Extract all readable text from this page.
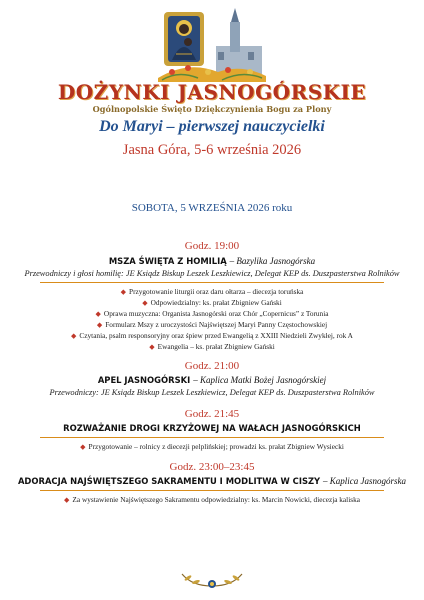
DOŻYNKI JASNOGÓRSKIE
Ogólnopolskie Święto Dziękczynienia Bogu za Plony
Do Maryi – pierwszej nauczycielki
Jasna Góra, 5-6 września 2026
SOBOTA, 5 WRZEŚNIA 2026 roku
Godz. 19:00
MSZA ŚWIĘTA Z HOMILIĄ – Bazylika Jasnogórska
Przewodniczy i głosi homilię: JE Ksiądz Biskup Leszek Leszkiewicz, Delegat KEP ds. Duszpasterstwa Rolników
◆ Przygotowanie liturgii oraz daru ołtarza – diecezja toruńska
◆ Odpowiedzialny: ks. prałat Zbigniew Gański
◆ Oprawa muzyczna: Organista Jasnogórski oraz Chór „Copernicus” z Torunia
◆ Formularz Mszy z uroczystości Najświętszej Maryi Panny Częstochowskiej
◆ Czytania, psalm responsoryjny oraz śpiew przed Ewangelią z XXIII Niedzieli Zwykłej, rok A
◆ Ewangelia – ks. prałat Zbigniew Gański
Godz. 21:00
APEL JASNOGÓRSKI – Kaplica Matki Bożej Jasnogórskiej
Przewodniczy: JE Ksiądz Biskup Leszek Leszkiewicz, Delegat KEP ds. Duszpasterstwa Rolników
Godz. 21:45
ROZWAŻANIE DROGI KRZYŻOWEJ NA WAŁACH JASNOGÓRSKICH
◆ Przygotowanie – rolnicy z diecezji pelplińskiej; prowadzi ks. prałat Zbigniew Wysiecki
Godz. 23:00–23:45
ADORACJA NAJŚWIĘTSZEGO SAKRAMENTU I MODLITWA W CISZY – Kaplica Jasnogórska
◆ Za wystawienie Najświętszego Sakramentu odpowiedzialny: ks. Marcin Nowicki, diecezja kaliska
